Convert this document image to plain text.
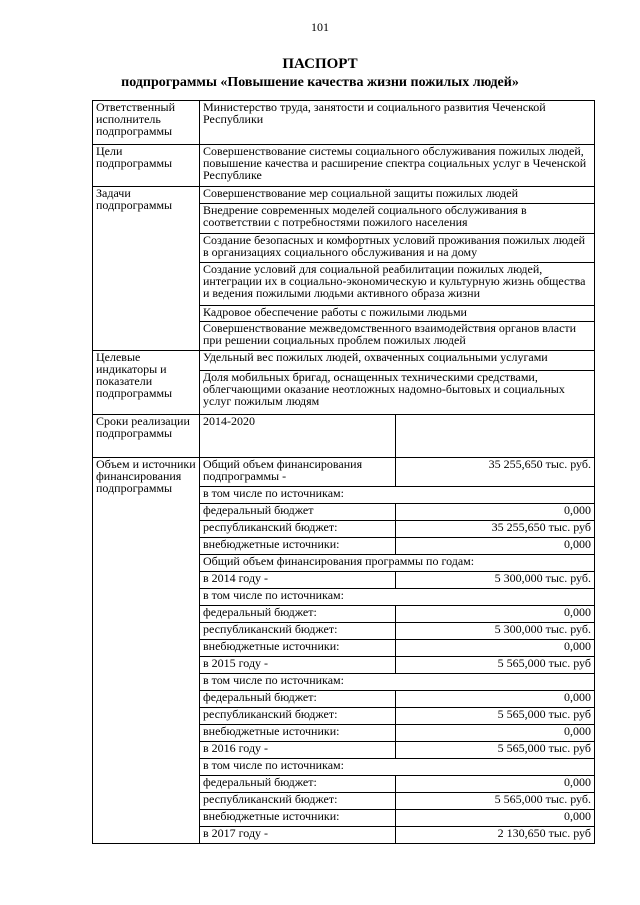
101
ПАСПОРТ
подпрограммы «Повышение качества жизни пожилых людей»
Ответственный исполнитель подпрограммы	Министерство труда, занятости и социального развития Чеченской Республики	
Цели подпрограммы	Совершенствование системы социального обслуживания пожилых людей, повышение качества и расширение спектра социальных услуг в Чеченской Республике	
Задачи подпрограммы	Совершенствование мер социальной защиты пожилых людей	
	Внедрение современных моделей социального обслуживания в соответствии с потребностями пожилого населения	
	Создание безопасных и комфортных условий проживания пожилых людей в организациях социального обслуживания и на дому	
	Создание условий для социальной реабилитации пожилых людей, интеграции их в социально-экономическую и культурную жизнь общества и ведения пожилыми людьми активного образа жизни	
	Кадровое обеспечение работы с пожилыми людьми	
	Совершенствование межведомственного взаимодействия органов власти при решении социальных проблем пожилых людей	
Целевые индикаторы и показатели подпрограммы	Удельный вес пожилых людей, охваченных социальными услугами	
	Доля мобильных бригад, оснащенных техническими средствами, облегчающими оказание неотложных надомно-бытовых и социальных услуг пожилым людям	
Сроки реализации подпрограммы	2014-2020	
Объем и источники финансирования подпрограммы	Общий объем финансирования подпрограммы -	35 255,650 тыс. руб.
	в том числе по источникам:	
	федеральный бюджет	0,000
	республиканский бюджет:	35 255,650 тыс. руб
	внебюджетные источники:	0,000
	Общий объем финансирования программы по годам:	
	в 2014 году -	5 300,000 тыс. руб.
	в том числе по источникам:	
	федеральный бюджет:	0,000
	республиканский бюджет:	5 300,000 тыс. руб.
	внебюджетные источники:	0,000
	в 2015 году -	5 565,000 тыс. руб
	в том числе по источникам:	
	федеральный бюджет:	0,000
	республиканский бюджет:	5 565,000 тыс. руб
	внебюджетные источники:	0,000
	в 2016 году -	5 565,000 тыс. руб
	в том числе по источникам:	
	федеральный бюджет:	0,000
	республиканский бюджет:	5 565,000 тыс. руб.
	внебюджетные источники:	0,000
	в 2017 году -	2 130,650 тыс. руб
